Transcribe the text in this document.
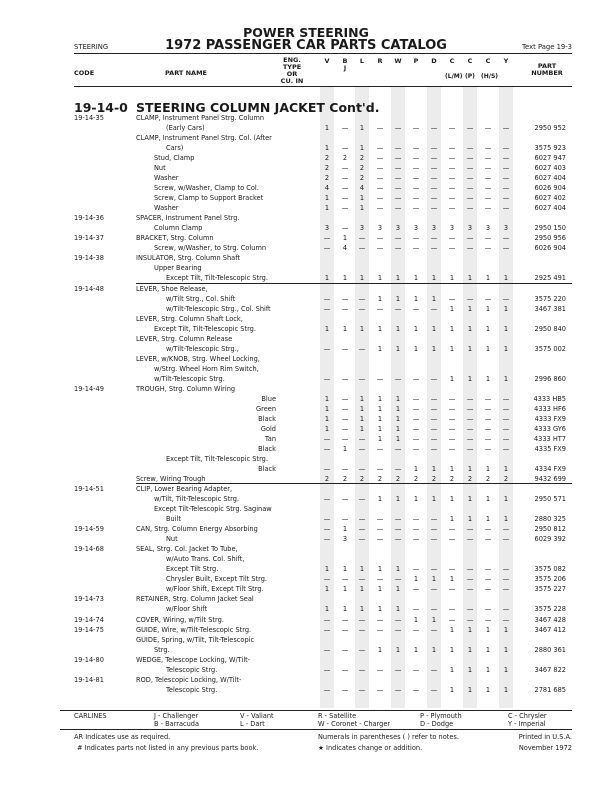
POWER STEERING
1972 PASSENGER CAR PARTS CATALOG
STEERING	Text Page 19-3
CODE	PART NAME
ENG.
TYPE
OR
CU. IN
V	B
J
L	R	W	P	D	C
(L/M)
C
(P)
C
(H/S)
Y
PART
NUMBER
19-14-0 STEERING COLUMN JACKET Cont'd.
19-14-35	CLAMP, Instrument Panel Strg. Column
(Early Cars)	1	—	1	—	—	—	—	—	—	—	—	2950 952
CLAMP, Instrument Panel Strg. Col. (After
Cars)	1	—	1	—	—	—	—	—	—	—	—	3575 923
Stud, Clamp	2	2	2	—	—	—	—	—	—	—	—	6027 947
Nut	2	—	2	—	—	—	—	—	—	—	—	6027 403
Washer	2	—	2	—	—	—	—	—	—	—	—	6027 404
Screw, w/Washer, Clamp to Col.	4	—	4	—	—	—	—	—	—	—	—	6026 904
Screw, Clamp to Support Bracket	1	—	1	—	—	—	—	—	—	—	—	6027 402
Washer	1	—	1	—	—	—	—	—	—	—	—	6027 404
19-14-36	SPACER, Instrument Panel Strg.
Column Clamp	3	—	3	3	3	3	3	3	3	3	3	2950 150
19-14-37	BRACKET, Strg. Column	—	1	—	—	—	—	—	—	—	—	—	2950 956
Screw, w/Washer, to Strg. Column	—	4	—	—	—	—	—	—	—	—	—	6026 904
19-14-38	INSULATOR, Strg. Column Shaft
Upper Bearing
Except Tilt, Tilt-Telescopic Strg.	1	1	1	1	1	1	1	1	1	1	1	2925 491
19-14-48	LEVER, Shoe Release,
w/Tilt Strg., Col. Shift	—	—	—	1	1	1	1	—	—	—	—	3575 220
w/Tilt-Telescopic Strg., Col. Shift	—	—	—	—	—	—	—	1	1	1	1	3467 381
LEVER, Strg. Column Shaft Lock,
Except Tilt, Tilt-Telescopic Strg.	1	1	1	1	1	1	1	1	1	1	1	2950 840
LEVER, Strg. Column Release
w/Tilt-Telescopic Strg.,	—	—	—	1	1	1	1	1	1	1	1	3575 002
LEVER, w/KNOB, Strg. Wheel Locking,
w/Strg. Wheel Horn Rim Switch,
w/Tilt-Telescopic Strg.	—	—	—	—	—	—	—	1	1	1	1	2996 860
19-14-49	TROUGH, Strg. Column Wiring
Blue	1	—	1	1	1	—	—	—	—	—	—	4333 HB5
Green	1	—	1	1	1	—	—	—	—	—	—	4333 HF6
Black	1	—	1	1	1	—	—	—	—	—	—	4333 FX9
Gold	1	—	1	1	1	—	—	—	—	—	—	4333 GY6
Tan	—	—	—	1	1	—	—	—	—	—	—	4333 HT7
Black	—	1	—	—	—	—	—	—	—	—	—	4335 FX9
Except Tilt, Tilt-Telescopic Strg.
Black	—	—	—	—	—	1	1	1	1	1	1	4334 FX9
Screw, Wiring Trough	2	2	2	2	2	2	2	2	2	2	2	9432 699
19-14-51	CLIP, Lower Bearing Adapter,
w/Tilt, Tilt-Telescopic Strg.	—	—	—	1	1	1	1	1	1	1	1	2950 571
Except Tilt-Telescopic Strg. Saginaw
Built	—	—	—	—	—	—	—	1	1	1	1	2880 325
19-14-59	CAN, Strg. Column Energy Absorbing	—	1	—	—	—	—	—	—	—	—	—	2950 812
Nut	—	3	—	—	—	—	—	—	—	—	—	6029 392
19-14-68	SEAL, Strg. Col. Jacket To Tube,
w/Auto Trans. Col. Shift,
Except Tilt Strg.	1	1	1	1	1	—	—	—	—	—	—	3575 082
Chrysler Built, Except Tilt Strg.	—	—	—	—	—	1	1	1	—	—	—	3575 206
w/Floor Shift, Except Tilt Strg.	1	1	1	1	1	—	—	—	—	—	—	3575 227
19-14-73	RETAINER, Strg. Column Jacket Seal
w/Floor Shift	1	1	1	1	1	—	—	—	—	—	—	3575 228
19-14-74	COVER, Wiring, w/Tilt Strg.	—	—	—	—	—	1	1	—	—	—	—	3467 428
19-14-75	GUIDE, Wire, w/Tilt-Telescopic Strg.	—	—	—	—	—	—	—	1	1	1	1	3467 412
GUIDE, Spring, w/Tilt, Tilt-Telescopic
Strg.	—	—	—	1	1	1	1	1	1	1	1	2880 361
19-14-80	WEDGE, Telescope Locking, W/Tilt-
Telescopic Strg.	—	—	—	—	—	—	—	1	1	1	1	3467 822
19-14-81	ROD, Telescopic Locking, W/Tilt-
Telescopic Strg.	—	—	—	—	—	—	—	1	1	1	1	2781 685
CARLINES	J - Challenger
B - Barracuda
V - Valiant
L - Dart
R - Satellite
W - Coronet - Charger
P - Plymouth
D - Dodge
C - Chrysler
Y - Imperial
AR Indicates use as required.
# Indicates parts not listed in any previous parts book.
Numerals in parentheses ( ) refer to notes.
★ Indicates change or addition.
Printed in U.S.A.
November 1972
